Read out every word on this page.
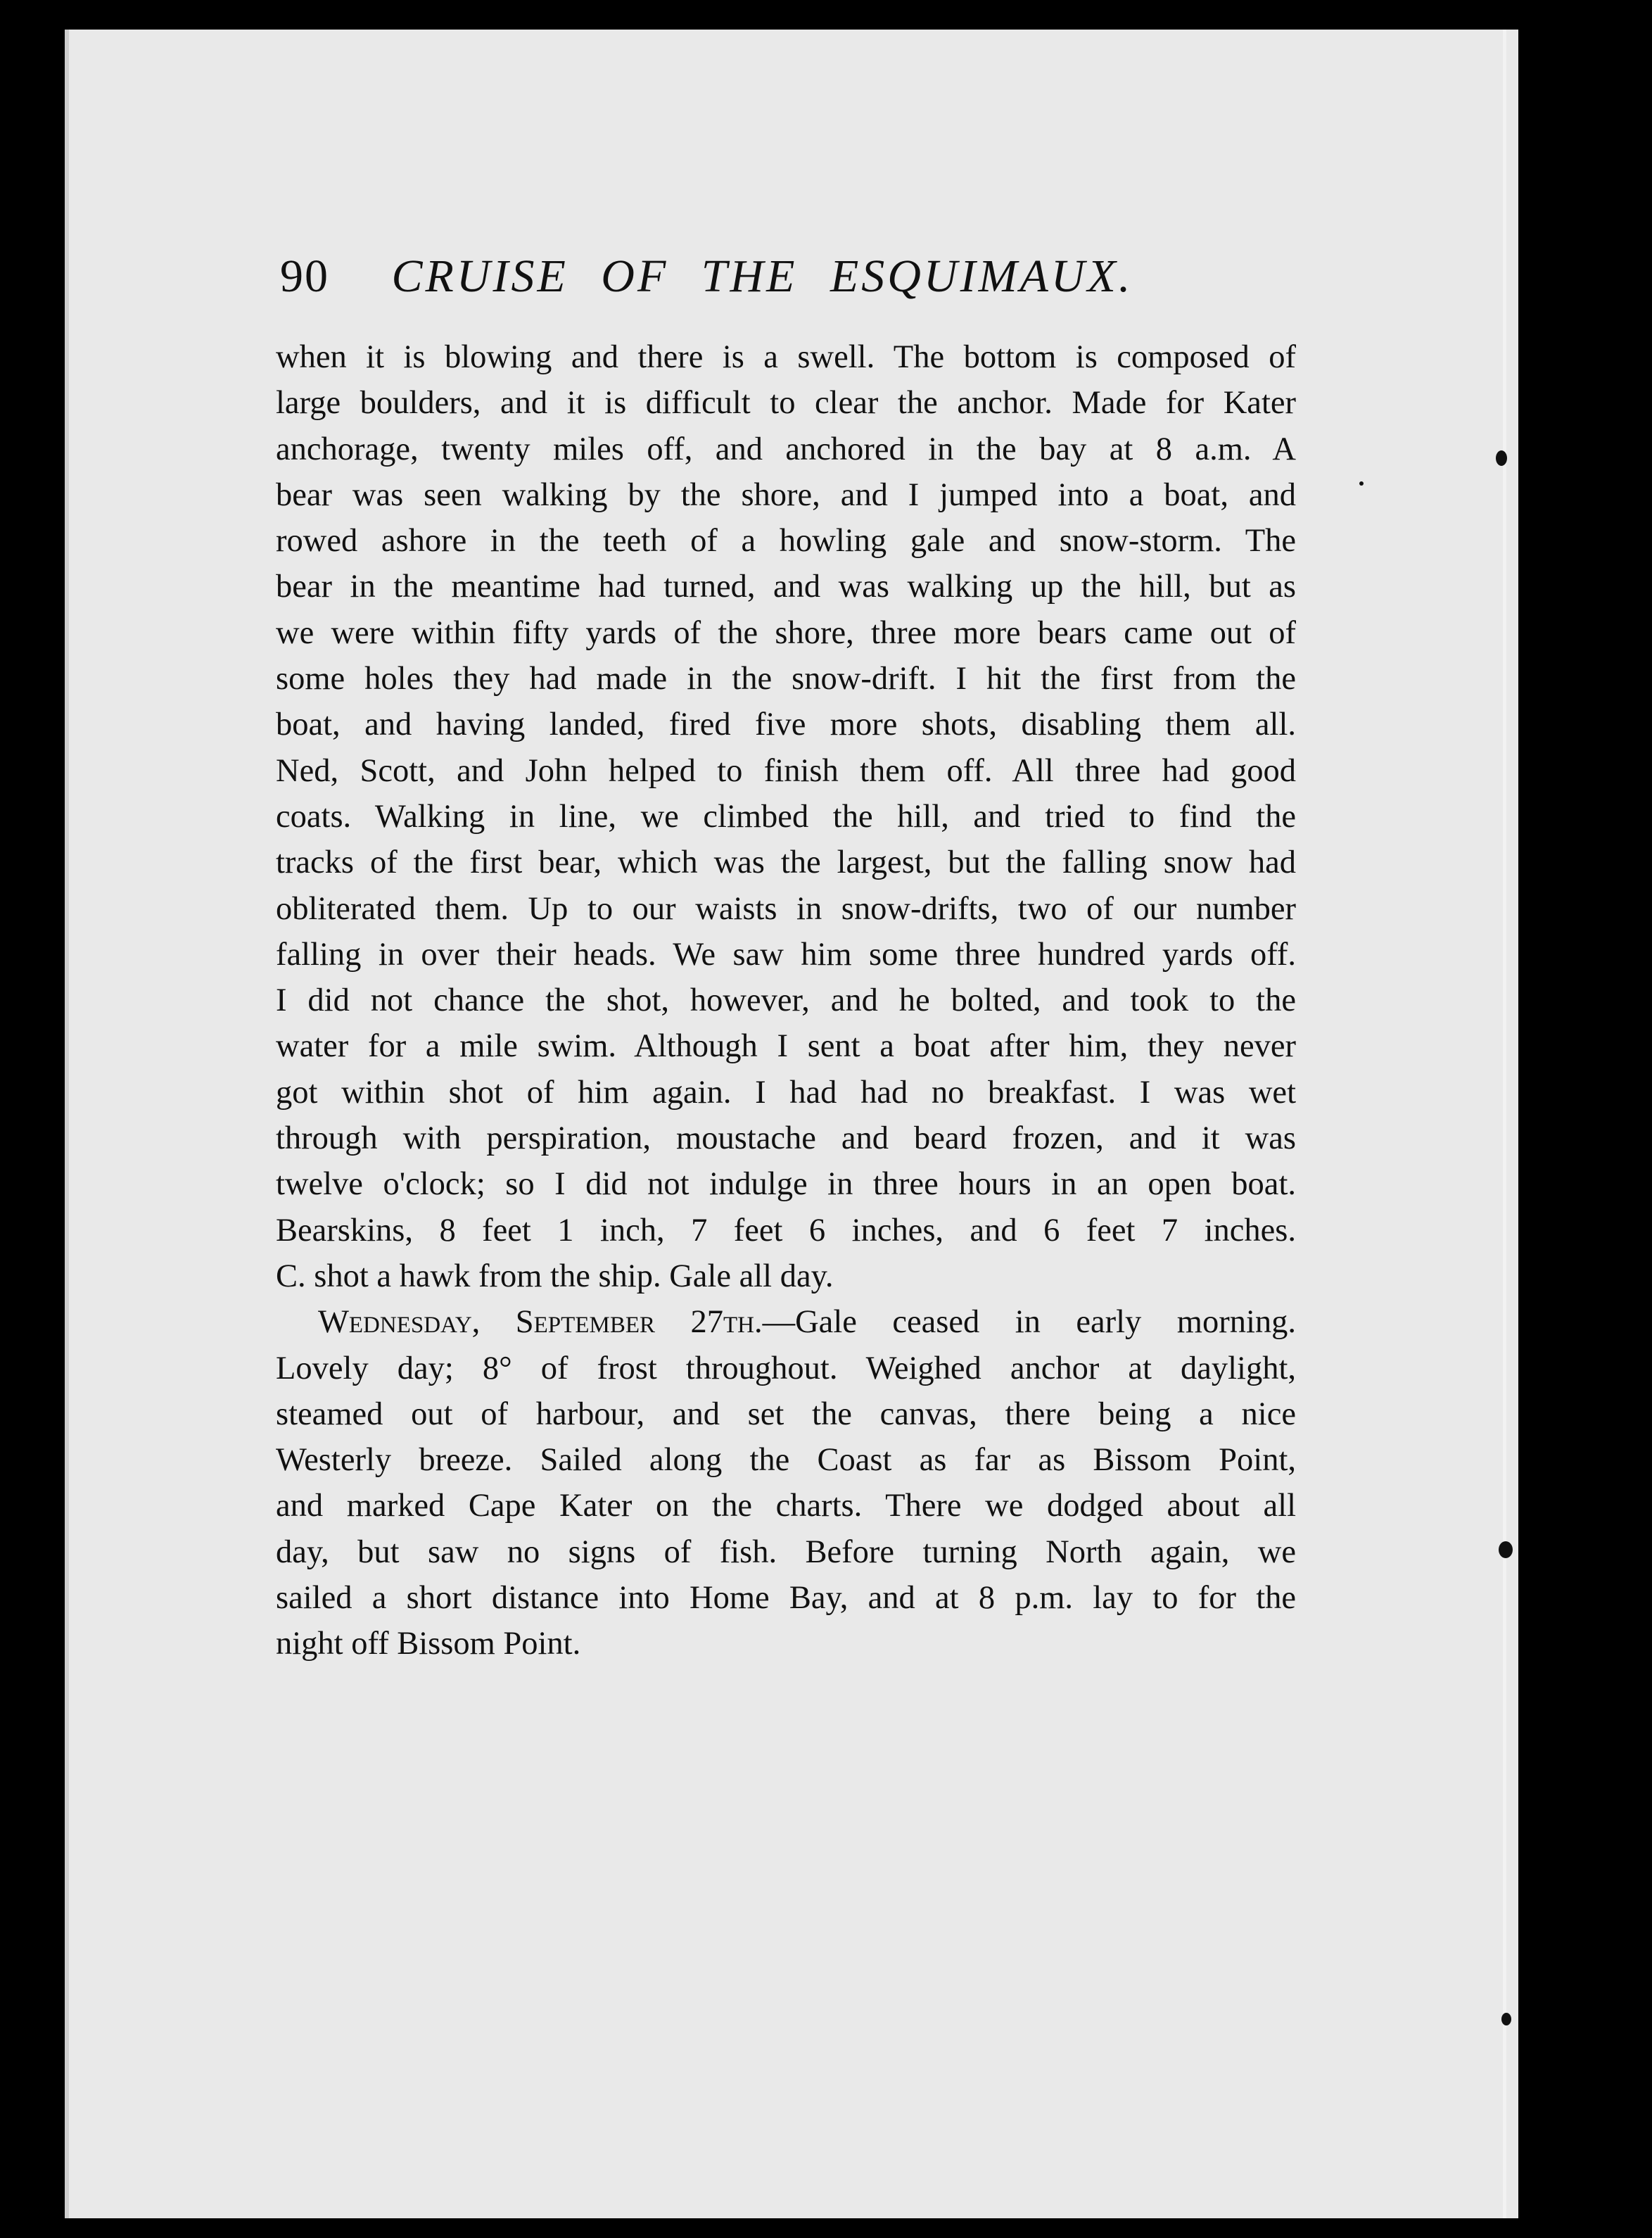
90 CRUISE OF THE ESQUIMAUX.

when it is blowing and there is a swell. The bottom is composed of
large boulders, and it is difficult to clear the anchor. Made for Kater
anchorage, twenty miles off, and anchored in the bay at 8 a.m. A
bear was seen walking by the shore, and I jumped into a boat, and
rowed ashore in the teeth of a howling gale and snow-storm. The
bear in the meantime had turned, and was walking up the hill, but as
we were within fifty yards of the shore, three more bears came out of
some holes they had made in the snow-drift. I hit the first from the
boat, and having landed, fired five more shots, disabling them all.
Ned, Scott, and John helped to finish them off. All three had good
coats. Walking in line, we climbed the hill, and tried to find the
tracks of the first bear, which was the largest, but the falling snow had
obliterated them. Up to our waists in snow-drifts, two of our number
falling in over their heads. We saw him some three hundred yards off.
I did not chance the shot, however, and he bolted, and took to the
water for a mile swim. Although I sent a boat after him, they never
got within shot of him again. I had had no breakfast. I was wet
through with perspiration, moustache and beard frozen, and it was
twelve o'clock; so I did not indulge in three hours in an open boat.
Bearskins, 8 feet 1 inch, 7 feet 6 inches, and 6 feet 7 inches.
C. shot a hawk from the ship. Gale all day.

Wednesday, September 27th.—Gale ceased in early morning.
Lovely day; 8° of frost throughout. Weighed anchor at daylight,
steamed out of harbour, and set the canvas, there being a nice
Westerly breeze. Sailed along the Coast as far as Bissom Point,
and marked Cape Kater on the charts. There we dodged about all
day, but saw no signs of fish. Before turning North again, we
sailed a short distance into Home Bay, and at 8 p.m. lay to for the
night off Bissom Point.
